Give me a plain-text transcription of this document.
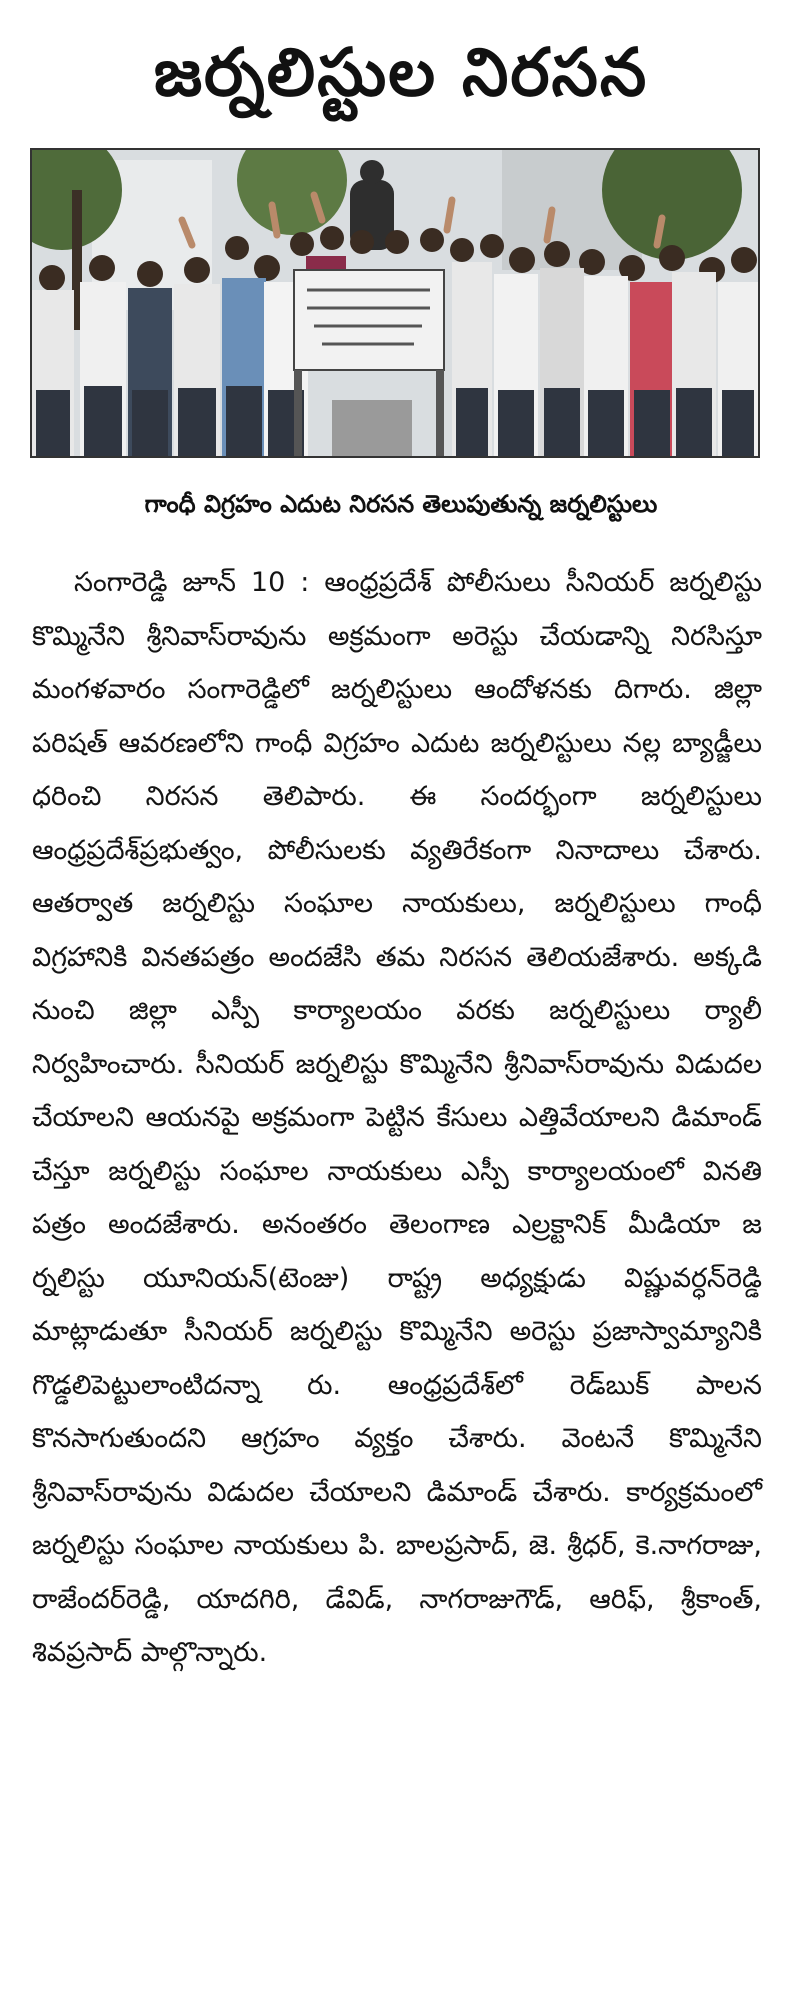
జర్నలిస్టుల నిరసన
గాంధీ విగ్రహం ఎదుట నిరసన తెలుపుతున్న జర్నలిస్టులు
సంగారెడ్డి జూన్ 10 : ఆంధ్రప్రదేశ్ పోలీసులు సీనియర్ జర్నలిస్టు కొమ్మినేని శ్రీనివాస్‌రావును అక్రమంగా అరెస్టు చేయడాన్ని నిరసిస్తూ మంగళవారం సంగారెడ్డిలో జర్నలిస్టులు ఆందోళనకు దిగారు. జిల్లా పరిషత్ ఆవరణలోని గాంధీ విగ్రహం ఎదుట జర్నలిస్టులు నల్ల బ్యాడ్జీలు ధరించి నిరసన తెలిపారు. ఈ సందర్భంగా జర్నలిస్టులు ఆంధ్రప్రదేశ్‌ప్రభుత్వం, పోలీసులకు వ్యతిరేకంగా నినాదాలు చేశారు. ఆతర్వాత జర్నలిస్టు సంఘాల నాయకులు, జర్నలిస్టులు గాంధీ విగ్రహానికి వినతపత్రం అందజేసి తమ నిరసన తెలియజేశారు. అక్కడి నుంచి జిల్లా ఎస్పీ కార్యాలయం వరకు జర్నలిస్టులు ర్యాలీ నిర్వహించారు. సీనియర్ జర్నలిస్టు కొమ్మినేని శ్రీనివాస్‌రావును విడుదల చేయాలని ఆయనపై అక్రమంగా పెట్టిన కేసులు ఎత్తివేయాలని డిమాండ్ చేస్తూ జర్నలిస్టు సంఘాల నాయకులు ఎస్పీ కార్యాలయంలో వినతి పత్రం అందజేశారు. అనంతరం తెలంగాణ ఎల్రక్టానిక్ మీడియా జ ర్నలిస్టు యూనియన్(టెంజు) రాష్ట్ర అధ్యక్షుడు విష్ణువర్ధన్‌రెడ్డి మాట్లాడుతూ సీనియర్ జర్నలిస్టు కొమ్మినేని అరెస్టు ప్రజాస్వామ్యానికి గొడ్డలిపెట్టులాంటిదన్నా రు. ఆంధ్రప్రదేశ్‌లో రెడ్‌బుక్ పాలన కొనసాగుతుందని ఆగ్రహం వ్యక్తం చేశారు. వెంటనే కొమ్మినేని శ్రీనివాస్‌రావును విడుదల చేయాలని డిమాండ్ చేశారు. కార్యక్రమంలో జర్నలిస్టు సంఘాల నాయకులు పి. బాలప్రసాద్, జె. శ్రీధర్, కె.నాగరాజు, రాజేందర్‌రెడ్డి, యాదగిరి, డేవిడ్, నాగరాజుగౌడ్, ఆరిఫ్, శ్రీకాంత్, శివప్రసాద్ పాల్గొన్నారు.
